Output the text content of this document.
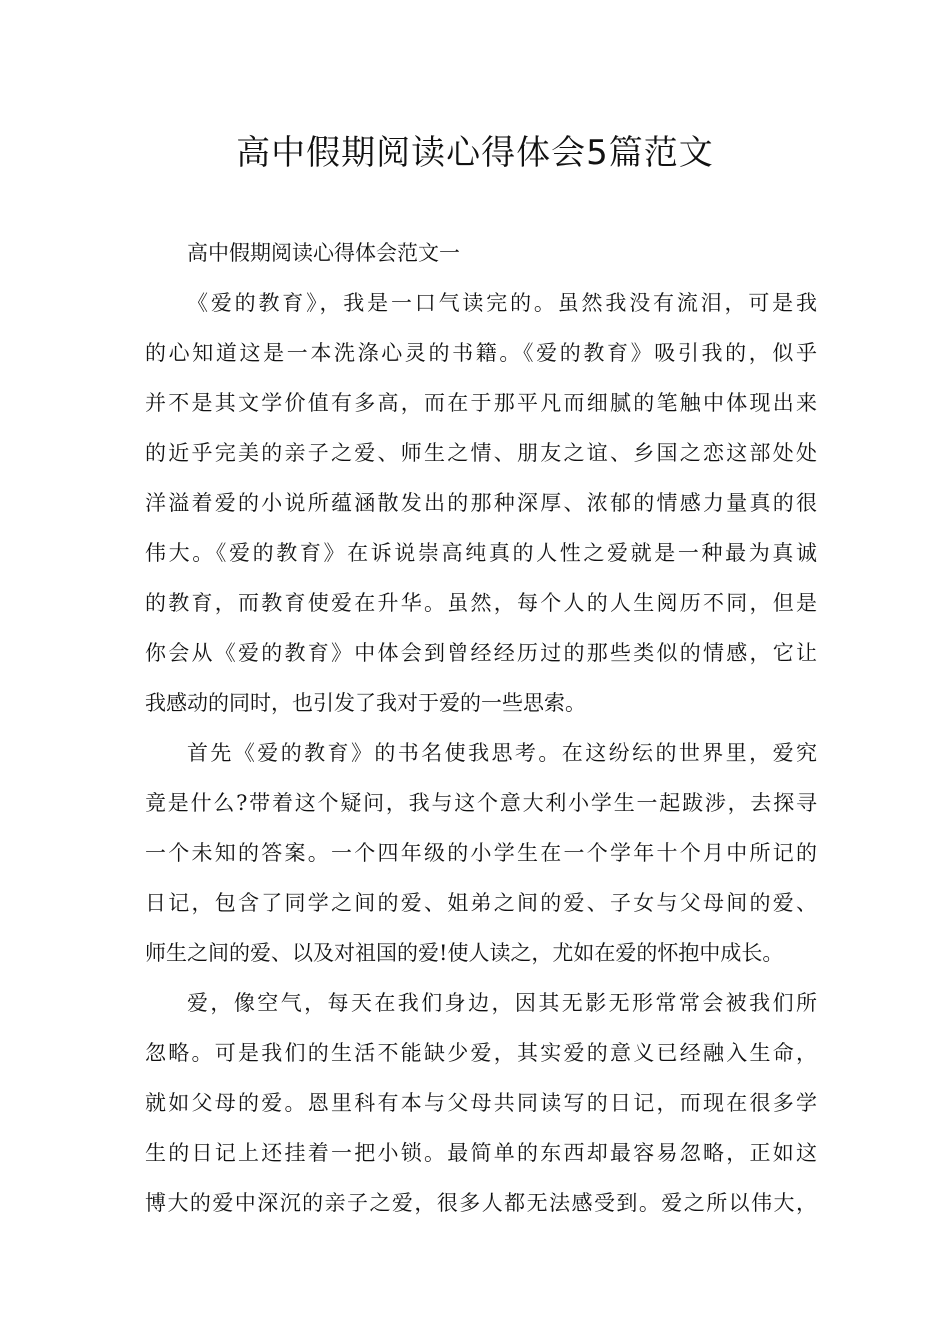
高中假期阅读心得体会5篇范文
高中假期阅读心得体会范文一
《爱的教育》，我是一口气读完的。虽然我没有流泪，可是我
的心知道这是一本洗涤心灵的书籍。《爱的教育》吸引我的，似乎
并不是其文学价值有多高，而在于那平凡而细腻的笔触中体现出来
的近乎完美的亲子之爱、师生之情、朋友之谊、乡国之恋这部处处
洋溢着爱的小说所蕴涵散发出的那种深厚、浓郁的情感力量真的很
伟大。《爱的教育》在诉说崇高纯真的人性之爱就是一种最为真诚
的教育，而教育使爱在升华。虽然，每个人的人生阅历不同，但是
你会从《爱的教育》中体会到曾经经历过的那些类似的情感，它让
我感动的同时，也引发了我对于爱的一些思索。
首先《爱的教育》的书名使我思考。在这纷纭的世界里，爱究
竟是什么?带着这个疑问，我与这个意大利小学生一起跋涉，去探寻
一个未知的答案。一个四年级的小学生在一个学年十个月中所记的
日记，包含了同学之间的爱、姐弟之间的爱、子女与父母间的爱、
师生之间的爱、以及对祖国的爱!使人读之，尤如在爱的怀抱中成长。
爱，像空气，每天在我们身边，因其无影无形常常会被我们所
忽略。可是我们的生活不能缺少爱，其实爱的意义已经融入生命，
就如父母的爱。恩里科有本与父母共同读写的日记，而现在很多学
生的日记上还挂着一把小锁。最简单的东西却最容易忽略，正如这
博大的爱中深沉的亲子之爱，很多人都无法感受到。爱之所以伟大，
